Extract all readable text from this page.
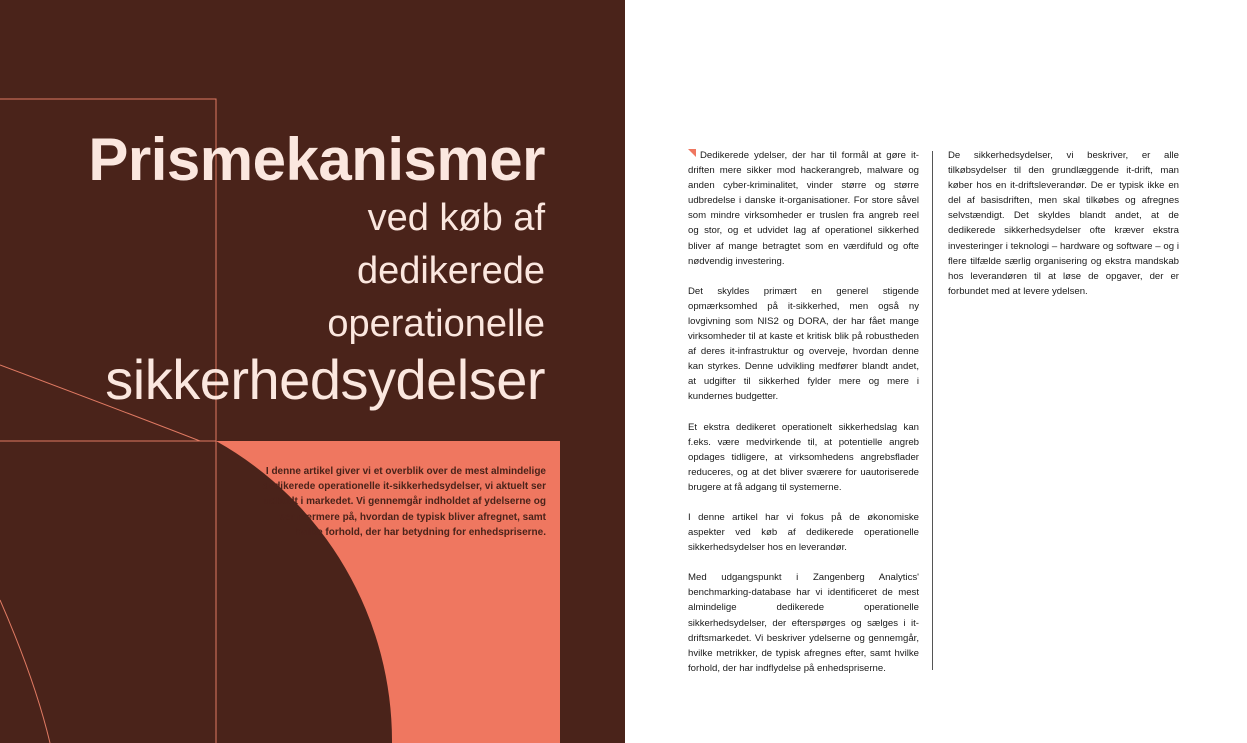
Prismekanismer
ved køb af
dedikerede
operationelle
sikkerhedsydelser
I denne artikel giver vi et overblik over de mest almindelige dedikerede operationelle it-sikkerhedsydelser, vi aktuelt ser udbudt i markedet. Vi gennemgår indholdet af ydelserne og ser nærmere på, hvordan de typisk bliver afregnet, samt hvilke forhold, der har betydning for enhedspriserne.

Dedikerede ydelser, der har til formål at gøre it-driften mere sikker mod hackerangreb, malware og anden cyber-kriminalitet, vinder større og større udbredelse i danske it-organisationer. For store såvel som mindre virksomheder er truslen fra angreb reel og stor, og et udvidet lag af operationel sikkerhed bliver af mange betragtet som en værdifuld og ofte nødvendig investering.

Det skyldes primært en generel stigende opmærksomhed på it-sikkerhed, men også ny lovgivning som NIS2 og DORA, der har fået mange virksomheder til at kaste et kritisk blik på robustheden af deres it-infrastruktur og overveje, hvordan denne kan styrkes. Denne udvikling medfører blandt andet, at udgifter til sikkerhed fylder mere og mere i kundernes budgetter.

Et ekstra dedikeret operationelt sikkerhedslag kan f.eks. være medvirkende til, at potentielle angreb opdages tidligere, at virksomhedens angrebsflader reduceres, og at det bliver sværere for uautoriserede brugere at få adgang til systemerne.

I denne artikel har vi fokus på de økonomiske aspekter ved køb af dedikerede operationelle sikkerhedsydelser hos en leverandør.

Med udgangspunkt i Zangenberg Analytics' benchmarking-database har vi identificeret de mest almindelige dedikerede operationelle sikkerhedsydelser, der efterspørges og sælges i it-driftsmarkedet. Vi beskriver ydelserne og gennemgår, hvilke metrikker, de typisk afregnes efter, samt hvilke forhold, der har indflydelse på enhedspriserne.

De sikkerhedsydelser, vi beskriver, er alle tilkøbsydelser til den grundlæggende it-drift, man køber hos en it-driftsleverandør. De er typisk ikke en del af basisdriften, men skal tilkøbes og afregnes selvstændigt. Det skyldes blandt andet, at de dedikerede sikkerhedsydelser ofte kræver ekstra investeringer i teknologi – hardware og software – og i flere tilfælde særlig organisering og ekstra mandskab hos leverandøren til at løse de opgaver, der er forbundet med at levere ydelsen.
